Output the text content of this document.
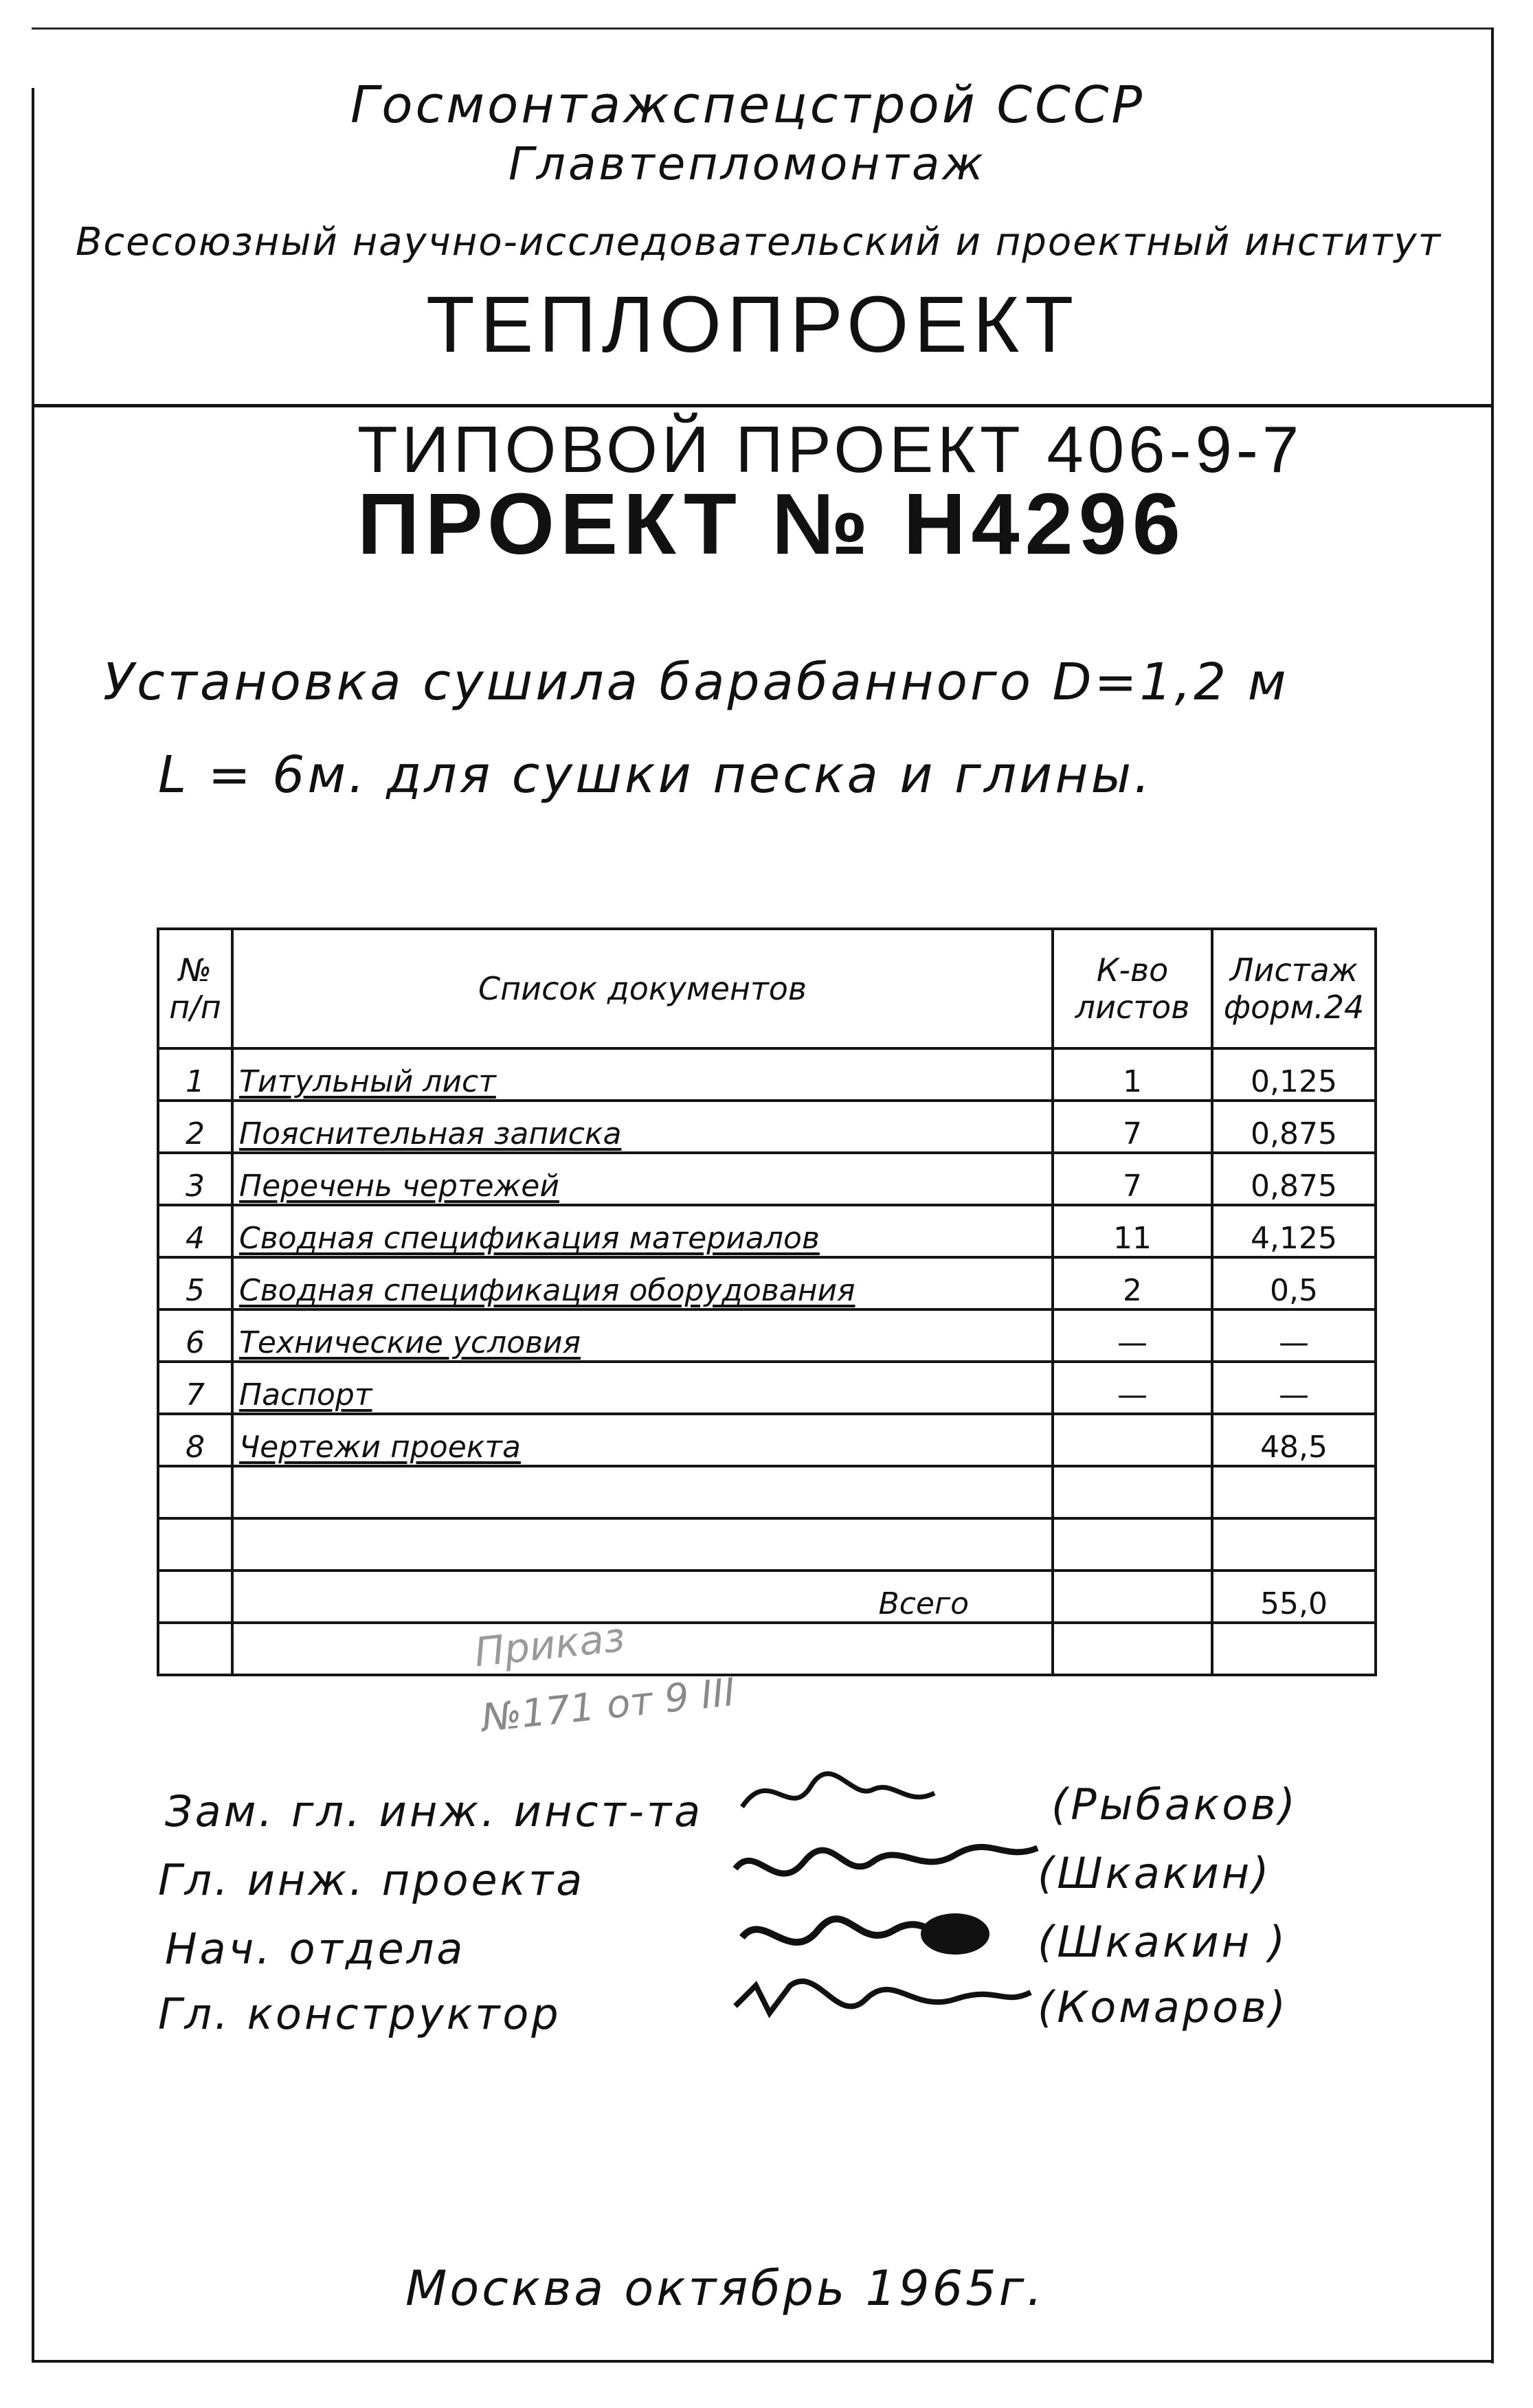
Госмонтажспецстрой СССР
Главтепломонтаж
Всесоюзный научно-исследовательский и проектный институт
ТЕПЛОПРОЕКТ
ТИПОВОЙ ПРОЕКТ 406-9-7
ПРОЕКТ № Н4296
Установка сушила барабанного D=1,2 м
L = 6м. для сушки песка и глины.
№ п/п	Список документов	К-во листов	Листаж форм.24
1	Титульный лист	1	0,125
2	Пояснительная записка	7	0,875
3	Перечень чертежей	7	0,875
4	Сводная спецификация материалов	11	4,125
5	Сводная спецификация оборудования	2	0,5
6	Технические условия	—	—
7	Паспорт	—	—
8	Чертежи проекта		48,5

	Всего		55,0

Приказ
№171 от 9 III
Зам. гл. инж. инст-та
Гл. инж. проекта
Нач. отдела
Гл. конструктор
(Рыбаков)
(Шкакин)
(Шкакин )
(Комаров)
Москва октябрь 1965г.
